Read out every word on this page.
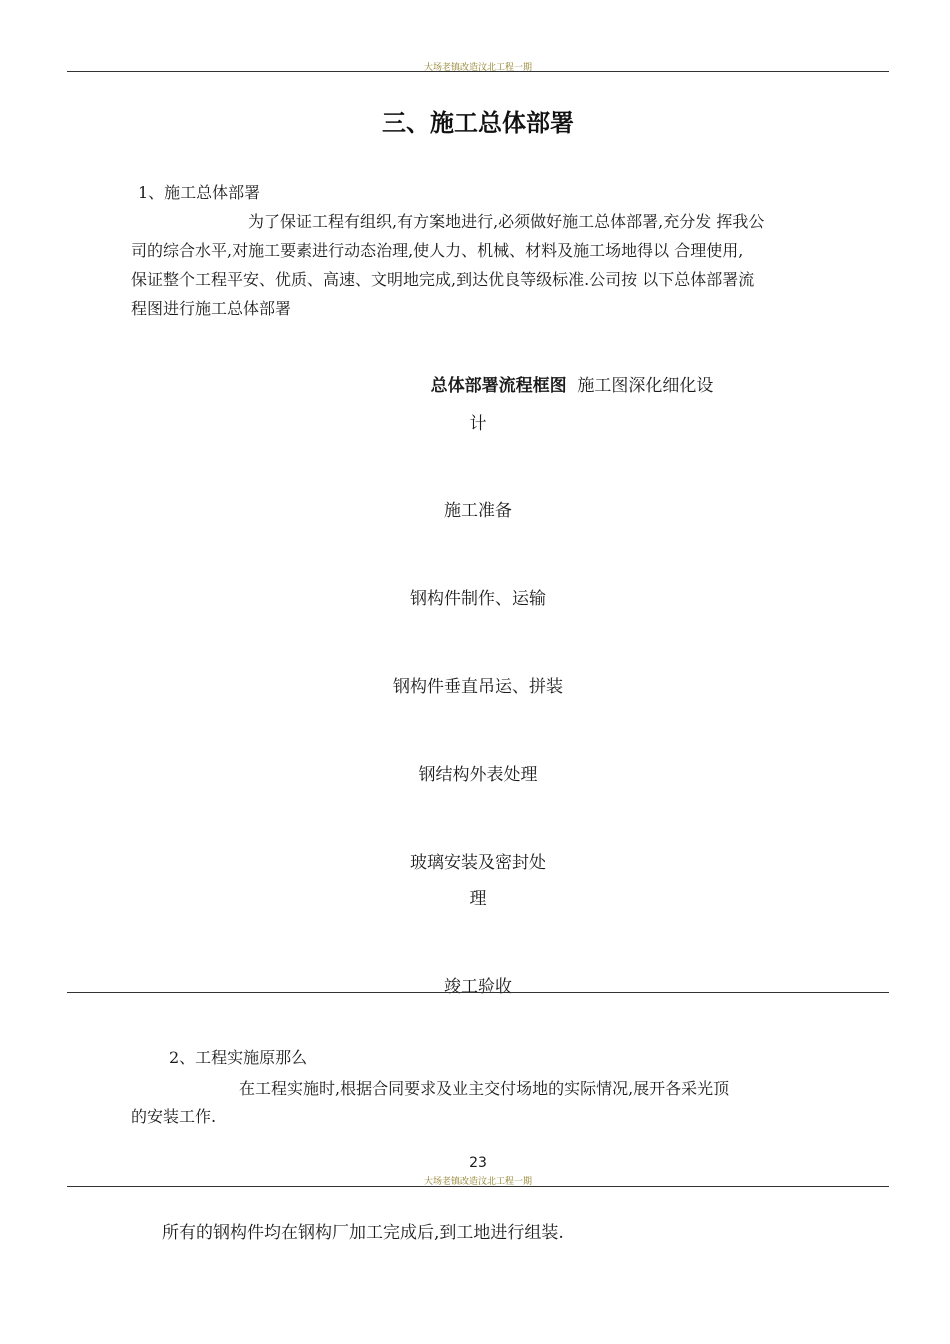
大场老镇改造汶北工程一期
三、施工总体部署
1、施工总体部署
为了保证工程有组织,有方案地进行,必须做好施工总体部署,充分发 挥我公
司的综合水平,对施工要素进行动态治理,使人力、机械、材料及施工场地得以 合理使用,
保证整个工程平安、优质、高速、文明地完成,到达优良等级标准.公司按 以下总体部署流
程图进行施工总体部署
总体部署流程框图 施工图深化细化设
计
施工准备
钢构件制作、运输
钢构件垂直吊运、拼装
钢结构外表处理
玻璃安装及密封处
理
竣工验收
2、工程实施原那么
在工程实施时,根据合同要求及业主交付场地的实际情况,展开各采光顶
的安装工作.
23
大场老镇改造汶北工程一期
所有的钢构件均在钢构厂加工完成后,到工地进行组装.
